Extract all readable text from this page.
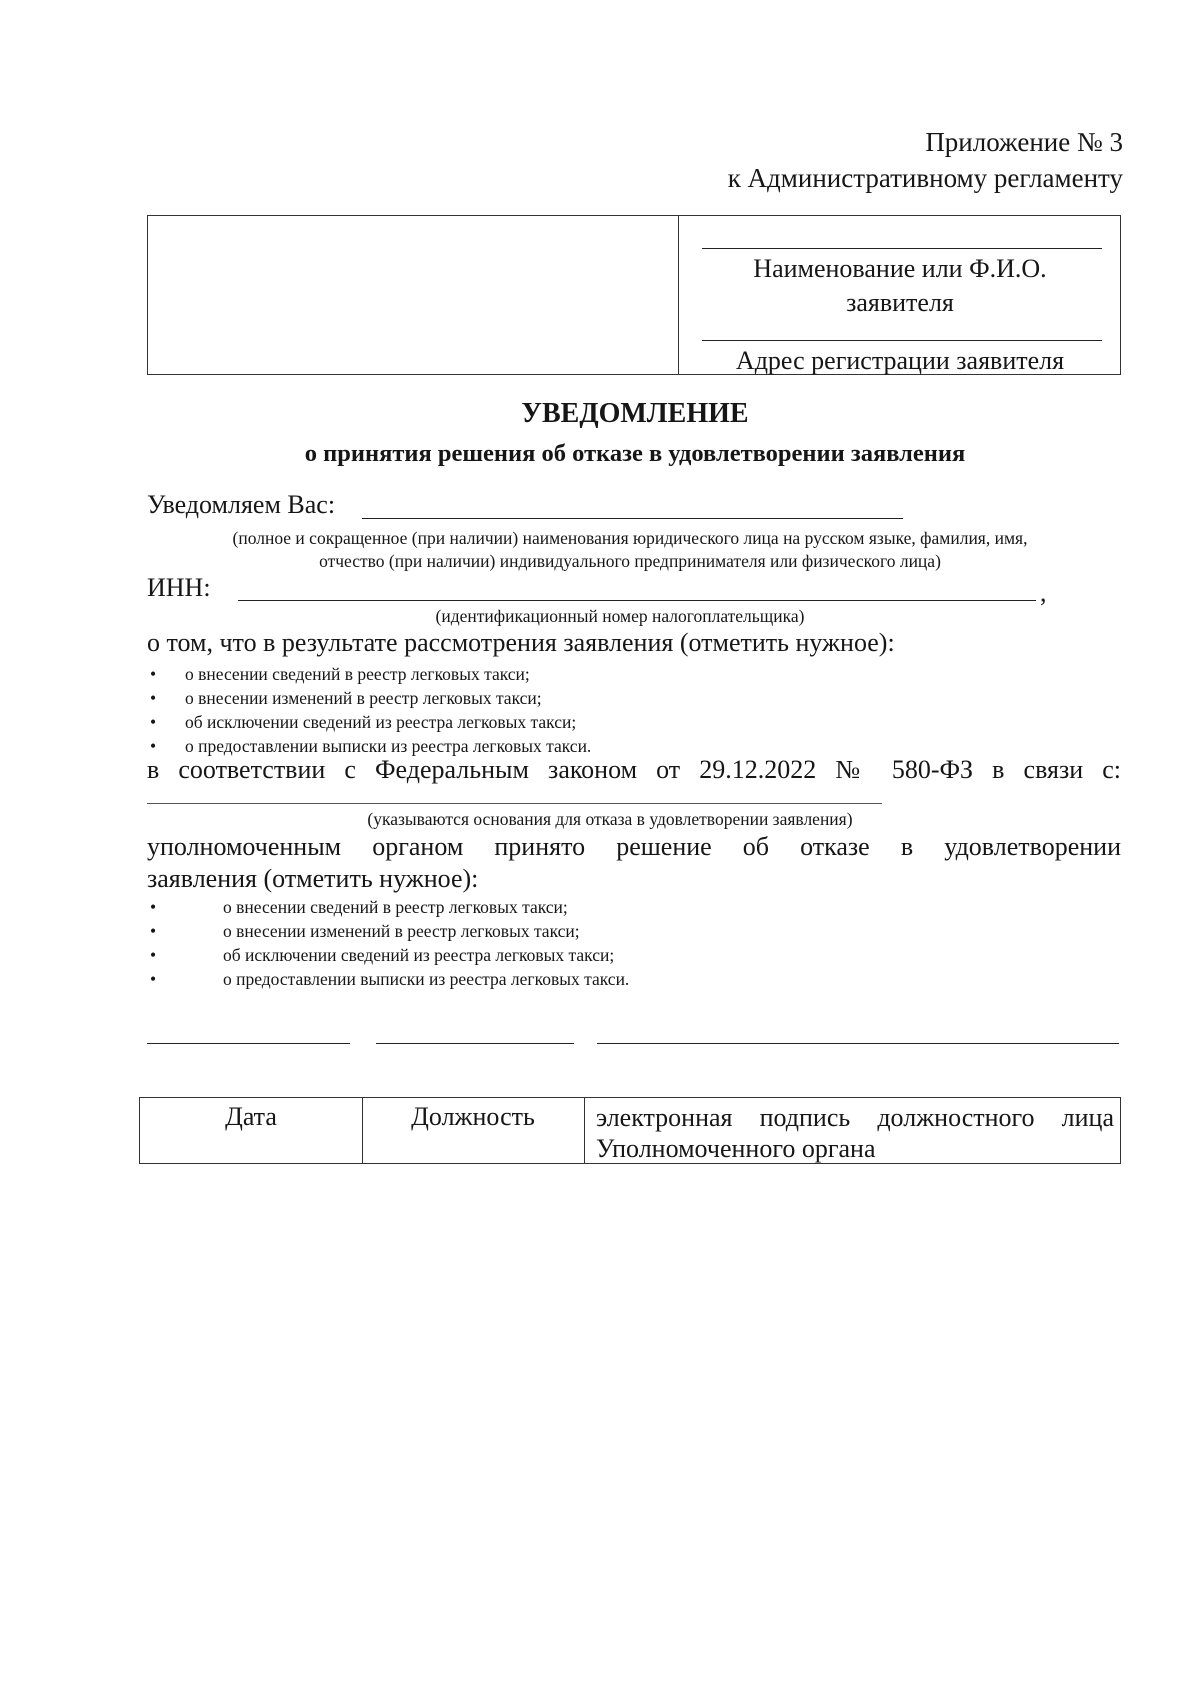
Приложение № 3
к Административному регламенту
Наименование или Ф.И.О.
заявителя
Адрес регистрации заявителя
УВЕДОМЛЕНИЕ
о принятия решения об отказе в удовлетворении заявления
Уведомляем Вас:
(полное и сокращенное (при наличии) наименования юридического лица на русском языке, фамилия, имя,
отчество (при наличии) индивидуального предпринимателя или физического лица)
ИНН:	,
(идентификационный номер налогоплательщика)
о том, что в результате рассмотрения заявления (отметить нужное):
• о внесении сведений в реестр легковых такси;
• о внесении изменений в реестр легковых такси;
• об исключении сведений из реестра легковых такси;
• о предоставлении выписки из реестра легковых такси.
в соответствии с Федеральным законом от 29.12.2022 № 580-ФЗ в связи с:
(указываются основания для отказа в удовлетворении заявления)
уполномоченным органом принято решение об отказе в удовлетворении
заявления (отметить нужное):
•	о внесении сведений в реестр легковых такси;
•	о внесении изменений в реестр легковых такси;
•	об исключении сведений из реестра легковых такси;
•	о предоставлении выписки из реестра легковых такси.
Дата	Должность	электронная подпись должностного лица
Уполномоченного органа
